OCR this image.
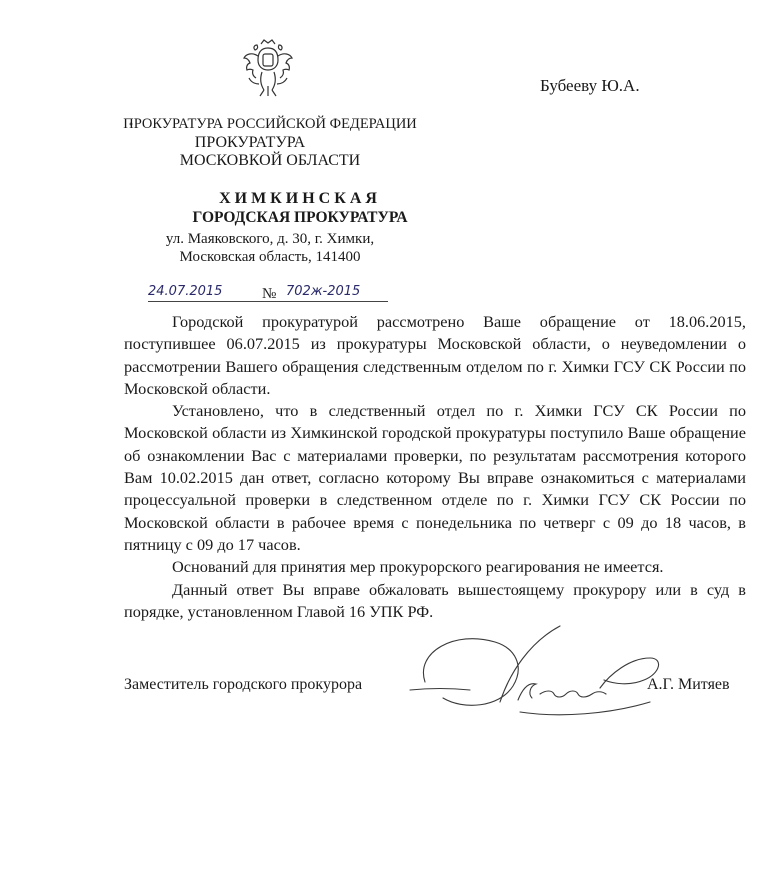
Бубееву Ю.А.
ПРОКУРАТУРА РОССИЙСКОЙ ФЕДЕРАЦИИ
ПРОКУРАТУРА
МОСКОВКОЙ ОБЛАСТИ
ХИМКИНСКАЯ
ГОРОДСКАЯ ПРОКУРАТУРА
ул. Маяковского, д. 30, г. Химки,
Московская область, 141400
24.07.2015	№ 702ж-2015

Городской прокуратурой рассмотрено Ваше обращение от 18.06.2015, поступившее 06.07.2015 из прокуратуры Московской области, о неуведомлении о рассмотрении Вашего обращения следственным отделом по г. Химки ГСУ СК России по Московской области.

Установлено, что в следственный отдел по г. Химки ГСУ СК России по Московской области из Химкинской городской прокуратуры поступило Ваше обращение об ознакомлении Вас с материалами проверки, по результатам рассмотрения которого Вам 10.02.2015 дан ответ, согласно которому Вы вправе ознакомиться с материалами процессуальной проверки в следственном отделе по г. Химки ГСУ СК России по Московской области в рабочее время с понедельника по четверг с 09 до 18 часов, в пятницу с 09 до 17 часов.

Оснований для принятия мер прокурорского реагирования не имеется.

Данный ответ Вы вправе обжаловать вышестоящему прокурору или в суд в порядке, установленном Главой 16 УПК РФ.

Заместитель городского прокурора	А.Г. Митяев
